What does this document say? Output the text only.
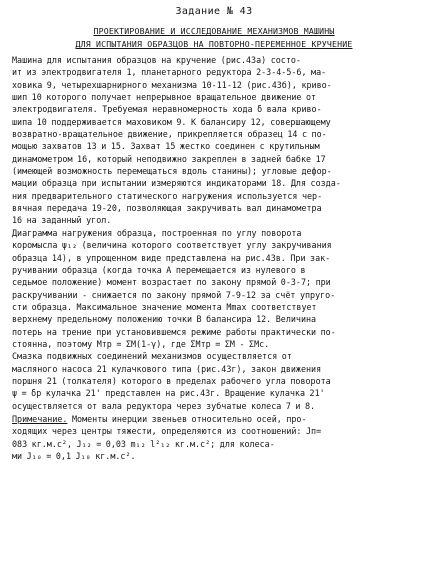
Задание № 43
ПРОЕКТИРОВАНИЕ И ИССЛЕДОВАНИЕ МЕХАНИЗМОВ МАШИНЫ
ДЛЯ ИСПЫТАНИЯ ОБРАЗЦОВ НА ПОВТОРНО-ПЕРЕМЕННОЕ КРУЧЕНИЕ
Машина для испытания образцов на кручение (рис.43а) состо-
ит из электродвигателя 1, планетарного редуктора 2-3-4-5-6, ма-
ховика 9, четырехшарнирного механизма 10-11-12 (рис.43б), криво-
шип 10 которого получает непрерывное вращательное движение от
электродвигателя. Требуемая неравномерность хода δ вала криво-
шипа 10 поддерживается маховиком 9. К балансиру 12, совершающему
возвратно-вращательное движение, прикрепляется образец 14 с по-
мощью захватов 13 и 15. Захват 15 жестко соединен с крутильным
динамометром 16, который неподвижно закреплен в задней бабке 17
(имеющей возможность перемещаться вдоль станины); угловые дефор-
мации образца при испытании измеряются индикаторами 18. Для созда-
ния предварительного статического нагружения используется чер-
вячная передача 19-20, позволяющая закручивать вал динамометра
16 на заданный угол.
Диаграмма нагружения образца, построенная по углу поворота
коромысла ψ₁₂ (величина которого соответствует углу закручивания
образца 14), в упрощенном виде представлена на рис.43в. При зак-
ручивании образца (когда точка А перемещается из нулевого в
седьмое положение) момент возрастает по закону прямой 0-3-7; при
раскручивании - снижается по закону прямой 7-9-12 за счёт упруго-
сти образца. Максимальное значение момента Mmax соответствует
верхнему предельному положению точки B балансира 12. Величина
потерь на трение при установившемся режиме работы практически по-
стоянна, поэтому Mтр = ΣM(1-γ), где ΣMтр = ΣM - ΣMc.
Смазка подвижных соединений механизмов осуществляется от
масляного насоса 21 кулачкового типа (рис.43г), закон движения
поршня 21 (толкателя) которого в пределах рабочего угла поворота
ψ = δр кулачка 21' представлен на рис.43г. Вращение кулачка 21'
осуществляется от вала редуктора через зубчатые колеса 7 и 8.
Примечание. Моменты инерции звеньев относительно осей, про-
ходящих через центры тяжести, определяются из соотношений: Jп=
083 кг.м.с², J₁₂ = 0,03 m₁₂ l²₁₂ кг.м.с²; для колеса-
ми J₁₀ = 0,1 J₁₀ кг.м.с².
